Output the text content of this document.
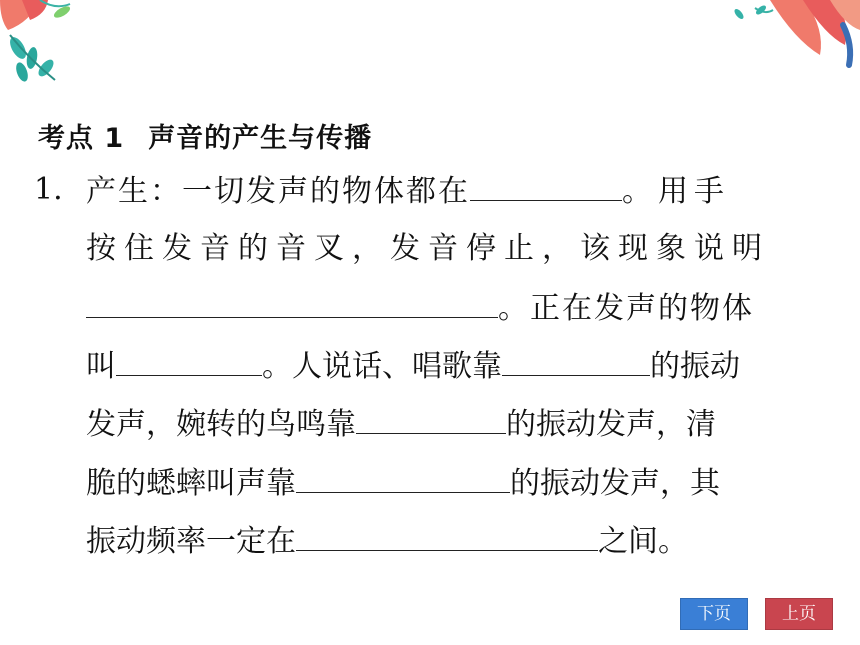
考点 1 声音的产生与传播
1. 产生：一切发声的物体都在	。用手
按住发音的音叉，发音停止，该现象说明
。正在发声的物体
叫	。人说话、唱歌靠	的振动
发声，婉转的鸟鸣靠	的振动发声，清
脆的蟋蟀叫声靠	的振动发声，其
振动频率一定在	之间。
下页	上页
